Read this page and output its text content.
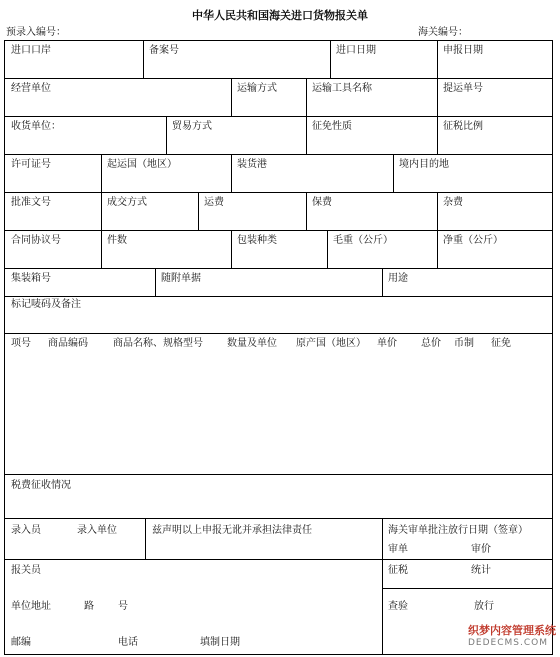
中华人民共和国海关进口货物报关单
预录入编号：	海关编号：
进口口岸	备案号	进口日期	申报日期
经营单位	运输方式	运输工具名称	提运单号
收货单位：	贸易方式	征免性质	征税比例
许可证号	起运国（地区）	装货港	境内目的地
批准文号	成交方式	运费	保费	杂费
合同协议号	件数	包装种类	毛重（公斤）	净重（公斤）
集装箱号	随附单据	用途
标记唛码及备注
项号 商品编码	商品名称、规格型号 数量及单位 原产国（地区） 单价 总价 币制 征免
税费征收情况
录入员	录入单位	兹声明以上申报无讹并承担法律责任	海关审单批注放行日期（签章）
审单	审价
报关员	征税	统计
单位地址	路 号	查验	放行
邮编	电话	填制日期
织梦内容管理系统
DEDECMS.COM
